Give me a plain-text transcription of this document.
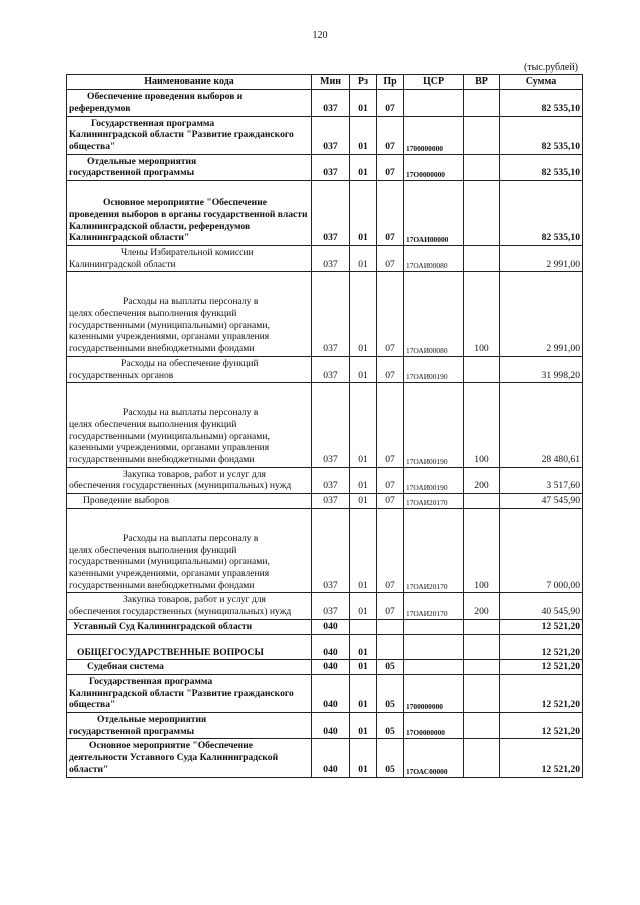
120
(тыс.рублей)
Наименование кода	Мин	Рз	Пр	ЦСР	ВР	Сумма

Обеспечение проведения выборов и
референдумов	037	01	07			82 535,10

Государственная программа
Калининградской области "Развитие гражданского общества"	037	01	07	1700000000		82 535,10

Отдельные мероприятия
государственной программы	037	01	07	17О0000000		82 535,10

Основное мероприятие "Обеспечение
проведения выборов в органы государственной власти Калининградской области, референдумов Калининградской области"	037	01	07	17ОАИ00000		82 535,10

Члены Избирательной комиссии
Калининградской области	037	01	07	17ОАИ00080		2 991,00

Расходы на выплаты персоналу в
целях обеспечения выполнения функций государственными (муниципальными) органами, казенными учреждениями, органами управления государственными внебюджетными фондами	037	01	07	17ОАИ00080	100	2 991,00

Расходы на обеспечение функций
государственных органов	037	01	07	17ОАИ00190		31 998,20

Расходы на выплаты персоналу в
целях обеспечения выполнения функций государственными (муниципальными) органами, казенными учреждениями, органами управления государственными внебюджетными фондами	037	01	07	17ОАИ00190	100	28 480,61

Закупка товаров, работ и услуг для
обеспечения государственных (муниципальных) нужд	037	01	07	17ОАИ00190	200	3 517,60

Проведение выборов	037	01	07	17ОАИ20170		47 545,90

Расходы на выплаты персоналу в
целях обеспечения выполнения функций государственными (муниципальными) органами, казенными учреждениями, органами управления государственными внебюджетными фондами	037	01	07	17ОАИ20170	100	7 000,00

Закупка товаров, работ и услуг для
обеспечения государственных (муниципальных) нужд	037	01	07	17ОАИ20170	200	40 545,90

Уставный Суд Калининградской области	040					12 521,20

ОБЩЕГОСУДАРСТВЕННЫЕ ВОПРОСЫ	040	01				12 521,20

Судебная система	040	01	05			12 521,20

Государственная программа
Калининградской области "Развитие гражданского общества"	040	01	05	1700000000		12 521,20

Отдельные мероприятия
государственной программы	040	01	05	17О0000000		12 521,20

Основное мероприятие "Обеспечение
деятельности Уставного Суда Калининградской области"	040	01	05	17ОАС00000		12 521,20
